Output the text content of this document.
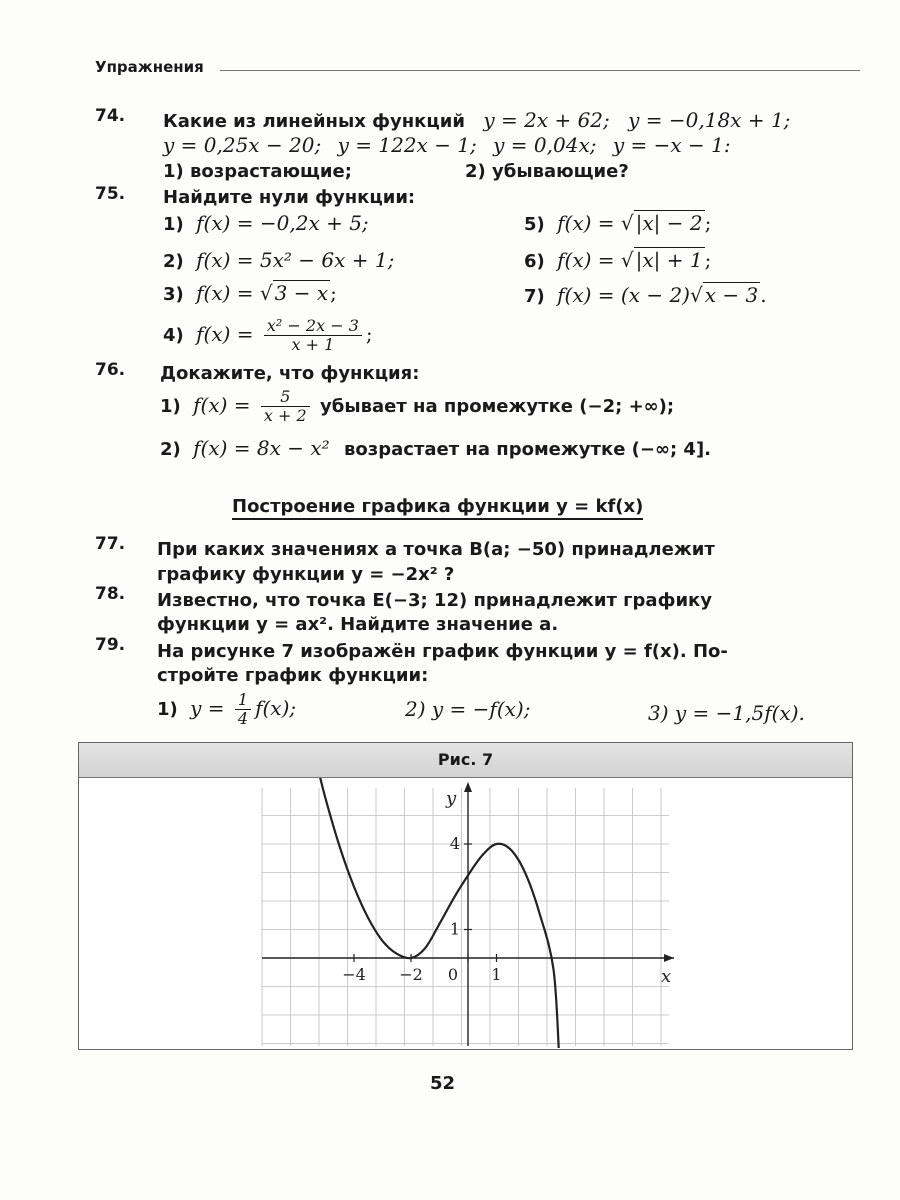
Упражнения
74. Какие из линейных функций y = 2x + 62; y = −0,18x + 1;
y = 0,25x − 20; y = 122x − 1; y = 0,04x; y = −x − 1:
1) возрастающие;	2) убывающие?
75. Найдите нули функции:
1) f(x) = −0,2x + 5;
2) f(x) = 5x² − 6x + 1;
3) f(x) = √ 3 − x ;
4) $f(x) = \frac{\text{x² − 2x − 3}}{x + 1}$ ;
5) f(x) = √ |x| − 2 ;
6) f(x) = √ |x| + 1 ;
7) f(x) = (x − 2)√ x − 3 .
76. Докажите, что функция:
1) $f(x) = \frac{5}{x + 2}$ убывает на промежутке (−2; +∞);
2) f(x) = 8x − x² возрастает на промежутке (−∞; 4].
Построение графика функции y = kf(x)
77. При каких значениях a точка B(a; −50) принадлежит
графику функции y = −2x² ?
78. Известно, что точка E(−3; 12) принадлежит графику
функции y = ax². Найдите значение a.
79. На рисунке 7 изображён график функции y = f(x). По-
стройте график функции:
1) $y = \frac{1}{4} f(x)$;	2) y = −f(x);	3) y = −1,5f(x).
Рис. 7
−4 −2 0 1
4
1
x
y
52
